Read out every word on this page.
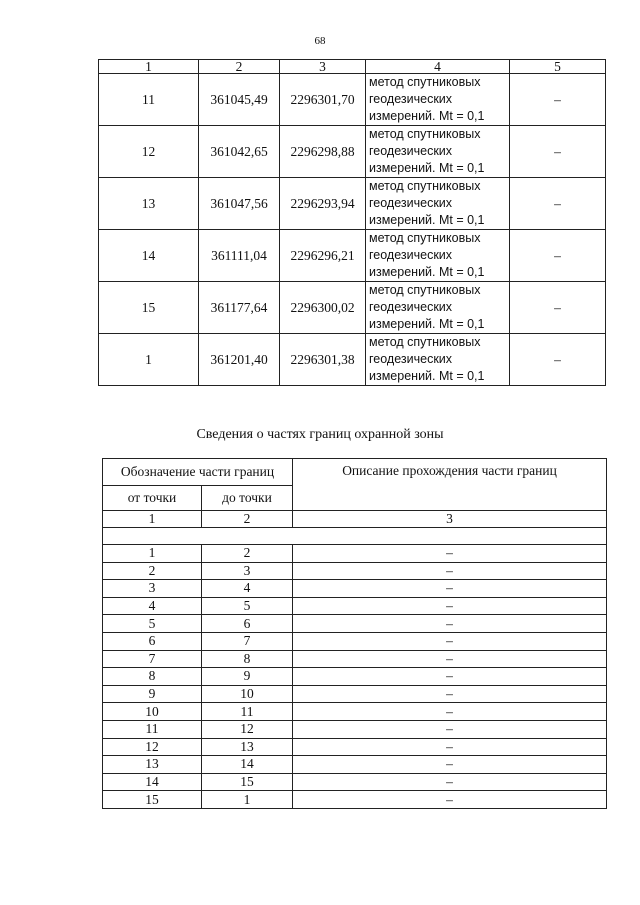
68
1	2	3	4	5
11	361045,49	2296301,70	метод спутниковых
геодезических
измерений. Mt = 0,1	–
12	361042,65	2296298,88	метод спутниковых
геодезических
измерений. Mt = 0,1	–
13	361047,56	2296293,94	метод спутниковых
геодезических
измерений. Mt = 0,1	–
14	361111,04	2296296,21	метод спутниковых
геодезических
измерений. Mt = 0,1	–
15	361177,64	2296300,02	метод спутниковых
геодезических
измерений. Mt = 0,1	–
1	361201,40	2296301,38	метод спутниковых
геодезических
измерений. Mt = 0,1	–
Сведения о частях границ охранной зоны
Обозначение части границ		Описание прохождения части границ
от точки	до точки	
1	2	3

1	2	–
2	3	–
3	4	–
4	5	–
5	6	–
6	7	–
7	8	–
8	9	–
9	10	–
10	11	–
11	12	–
12	13	–
13	14	–
14	15	–
15	1	–
